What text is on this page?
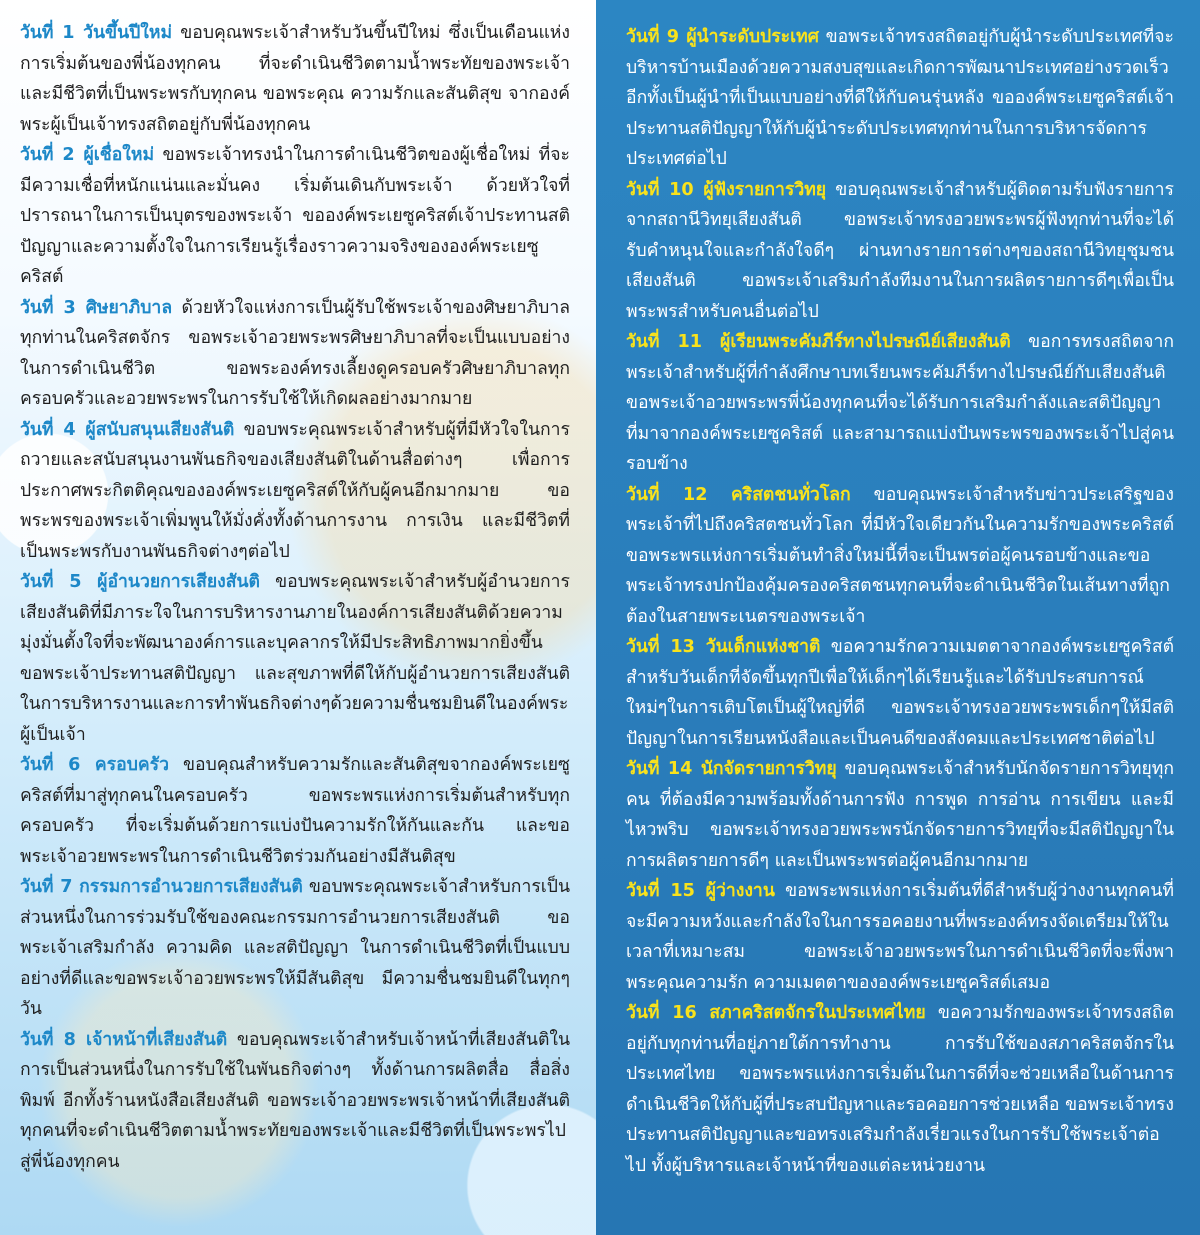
วันที่ 1 วันขึ้นปีใหม่ ขอบคุณพระเจ้าสำหรับวันขึ้นปีใหม่ ซึ่งเป็นเดือนแห่งการเริ่มต้นของพี่น้องทุกคน ที่จะดำเนินชีวิตตามน้ำพระทัยของพระเจ้า และมีชีวิตที่เป็นพระพรกับทุกคน ขอพระคุณ ความรักและสันติสุข จากองค์พระผู้เป็นเจ้าทรงสถิตอยู่กับพี่น้องทุกคน

วันที่ 2 ผู้เชื่อใหม่ ขอพระเจ้าทรงนำในการดำเนินชีวิตของผู้เชื่อใหม่ ที่จะมีความเชื่อที่หนักแน่นและมั่นคง เริ่มต้นเดินกับพระเจ้า ด้วยหัวใจที่ปรารถนาในการเป็นบุตรของพระเจ้า ขอองค์พระเยซูคริสต์เจ้าประทานสติปัญญาและความตั้งใจในการเรียนรู้เรื่องราวความจริงขององค์พระเยซูคริสต์

วันที่ 3 ศิษยาภิบาล ด้วยหัวใจแห่งการเป็นผู้รับใช้พระเจ้าของศิษยาภิบาลทุกท่านในคริสตจักร ขอพระเจ้าอวยพระพรศิษยาภิบาลที่จะเป็นแบบอย่างในการดำเนินชีวิต ขอพระองค์ทรงเลี้ยงดูครอบครัวศิษยาภิบาลทุกครอบครัวและอวยพระพรในการรับใช้ให้เกิดผลอย่างมากมาย

วันที่ 4 ผู้สนับสนุนเสียงสันติ ขอบพระคุณพระเจ้าสำหรับผู้ที่มีหัวใจในการถวายและสนับสนุนงานพันธกิจของเสียงสันติในด้านสื่อต่างๆ เพื่อการประกาศพระกิตติคุณขององค์พระเยซูคริสต์ให้กับผู้คนอีกมากมาย ขอพระพรของพระเจ้าเพิ่มพูนให้มั่งคั่งทั้งด้านการงาน การเงิน และมีชีวิตที่เป็นพระพรกับงานพันธกิจต่างๆต่อไป

วันที่ 5 ผู้อำนวยการเสียงสันติ ขอบพระคุณพระเจ้าสำหรับผู้อำนวยการเสียงสันติที่มีภาระใจในการบริหารงานภายในองค์การเสียงสันติด้วยความมุ่งมั่นตั้งใจที่จะพัฒนาองค์การและบุคลากรให้มีประสิทธิภาพมากยิ่งขึ้น ขอพระเจ้าประทานสติปัญญา และสุขภาพที่ดีให้กับผู้อำนวยการเสียงสันติ ในการบริหารงานและการทำพันธกิจต่างๆด้วยความชื่นชมยินดีในองค์พระผู้เป็นเจ้า

วันที่ 6 ครอบครัว ขอบคุณสำหรับความรักและสันติสุขจากองค์พระเยซูคริสต์ที่มาสู่ทุกคนในครอบครัว ขอพระพรแห่งการเริ่มต้นสำหรับทุกครอบครัว ที่จะเริ่มต้นด้วยการแบ่งปันความรักให้กันและกัน และขอพระเจ้าอวยพระพรในการดำเนินชีวิตร่วมกันอย่างมีสันติสุข

วันที่ 7 กรรมการอำนวยการเสียงสันติ ขอบพระคุณพระเจ้าสำหรับการเป็นส่วนหนึ่งในการร่วมรับใช้ของคณะกรรมการอำนวยการเสียงสันติ ขอพระเจ้าเสริมกำลัง ความคิด และสติปัญญา ในการดำเนินชีวิตที่เป็นแบบอย่างที่ดีและขอพระเจ้าอวยพระพรให้มีสันติสุข มีความชื่นชมยินดีในทุกๆวัน

วันที่ 8 เจ้าหน้าที่เสียงสันติ ขอบคุณพระเจ้าสำหรับเจ้าหน้าที่เสียงสันติในการเป็นส่วนหนึ่งในการรับใช้ในพันธกิจต่างๆ ทั้งด้านการผลิตสื่อ สื่อสิ่งพิมพ์ อีกทั้งร้านหนังสือเสียงสันติ ขอพระเจ้าอวยพระพรเจ้าหน้าที่เสียงสันติทุกคนที่จะดำเนินชีวิตตามน้ำพระทัยของพระเจ้าและมีชีวิตที่เป็นพระพรไปสู่พี่น้องทุกคน

วันที่ 9 ผู้นำระดับประเทศ ขอพระเจ้าทรงสถิตอยู่กับผู้นำระดับประเทศที่จะบริหารบ้านเมืองด้วยความสงบสุขและเกิดการพัฒนาประเทศอย่างรวดเร็ว อีกทั้งเป็นผู้นำที่เป็นแบบอย่างที่ดีให้กับคนรุ่นหลัง ขอองค์พระเยซูคริสต์เจ้าประทานสติปัญญาให้กับผู้นำระดับประเทศทุกท่านในการบริหารจัดการประเทศต่อไป

วันที่ 10 ผู้ฟังรายการวิทยุ ขอบคุณพระเจ้าสำหรับผู้ติดตามรับฟังรายการจากสถานีวิทยุเสียงสันติ ขอพระเจ้าทรงอวยพระพรผู้ฟังทุกท่านที่จะได้รับคำหนุนใจและกำลังใจดีๆ ผ่านทางรายการต่างๆของสถานีวิทยุชุมชนเสียงสันติ ขอพระเจ้าเสริมกำลังทีมงานในการผลิตรายการดีๆเพื่อเป็นพระพรสำหรับคนอื่นต่อไป

วันที่ 11 ผู้เรียนพระคัมภีร์ทางไปรษณีย์เสียงสันติ ขอการทรงสถิตจากพระเจ้าสำหรับผู้ที่กำลังศึกษาบทเรียนพระคัมภีร์ทางไปรษณีย์กับเสียงสันติ ขอพระเจ้าอวยพระพรพี่น้องทุกคนที่จะได้รับการเสริมกำลังและสติปัญญาที่มาจากองค์พระเยซูคริสต์ และสามารถแบ่งปันพระพรของพระเจ้าไปสู่คนรอบข้าง

วันที่ 12 คริสตชนทั่วโลก ขอบคุณพระเจ้าสำหรับข่าวประเสริฐของพระเจ้าที่ไปถึงคริสตชนทั่วโลก ที่มีหัวใจเดียวกันในความรักของพระคริสต์ ขอพระพรแห่งการเริ่มต้นทำสิ่งใหม่นี้ที่จะเป็นพรต่อผู้คนรอบข้างและขอพระเจ้าทรงปกป้องคุ้มครองคริสตชนทุกคนที่จะดำเนินชีวิตในเส้นทางที่ถูกต้องในสายพระเนตรของพระเจ้า

วันที่ 13 วันเด็กแห่งชาติ ขอความรักความเมตตาจากองค์พระเยซูคริสต์สำหรับวันเด็กที่จัดขึ้นทุกปีเพื่อให้เด็กๆได้เรียนรู้และได้รับประสบการณ์ใหม่ๆในการเติบโตเป็นผู้ใหญ่ที่ดี ขอพระเจ้าทรงอวยพระพรเด็กๆให้มีสติปัญญาในการเรียนหนังสือและเป็นคนดีของสังคมและประเทศชาติต่อไป

วันที่ 14 นักจัดรายการวิทยุ ขอบคุณพระเจ้าสำหรับนักจัดรายการวิทยุทุกคน ที่ต้องมีความพร้อมทั้งด้านการฟัง การพูด การอ่าน การเขียน และมีไหวพริบ ขอพระเจ้าทรงอวยพระพรนักจัดรายการวิทยุที่จะมีสติปัญญาในการผลิตรายการดีๆ และเป็นพระพรต่อผู้คนอีกมากมาย

วันที่ 15 ผู้ว่างงาน ขอพระพรแห่งการเริ่มต้นที่ดีสำหรับผู้ว่างงานทุกคนที่จะมีความหวังและกำลังใจในการรอคอยงานที่พระองค์ทรงจัดเตรียมให้ในเวลาที่เหมาะสม ขอพระเจ้าอวยพระพรในการดำเนินชีวิตที่จะพึ่งพาพระคุณความรัก ความเมตตาขององค์พระเยซูคริสต์เสมอ

วันที่ 16 สภาคริสตจักรในประเทศไทย ขอความรักของพระเจ้าทรงสถิตอยู่กับทุกท่านที่อยู่ภายใต้การทำงาน การรับใช้ของสภาคริสตจักรในประเทศไทย ขอพระพรแห่งการเริ่มต้นในการดีที่จะช่วยเหลือในด้านการดำเนินชีวิตให้กับผู้ที่ประสบปัญหาและรอคอยการช่วยเหลือ ขอพระเจ้าทรงประทานสติปัญญาและขอทรงเสริมกำลังเรี่ยวแรงในการรับใช้พระเจ้าต่อไป ทั้งผู้บริหารและเจ้าหน้าที่ของแต่ละหน่วยงาน
